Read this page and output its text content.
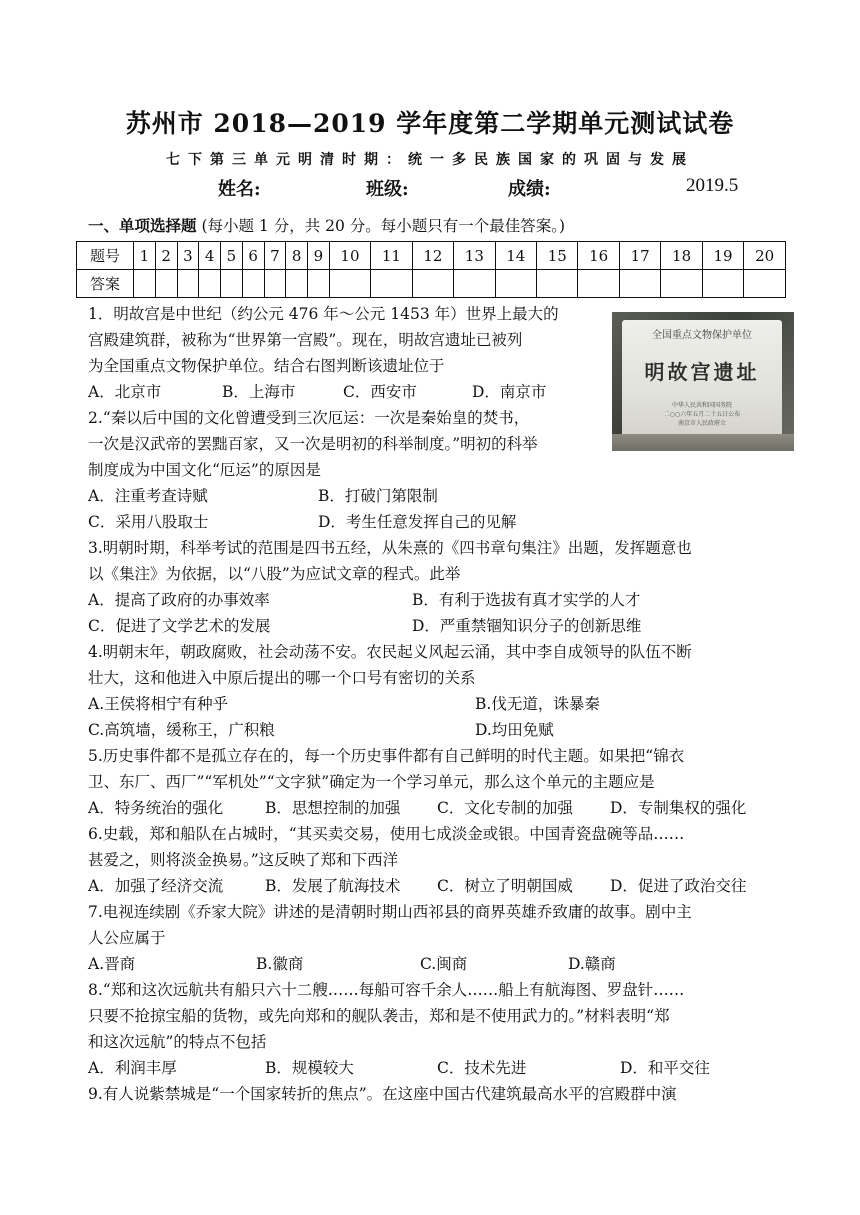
苏州市 2018—2019 学年度第二学期单元测试试卷
七下第三单元明清时期：统一多民族国家的巩固与发展
姓名:	班级:	成绩:	2019.5
一、单项选择题 (每小题 1 分，共 20 分。每小题只有一个最佳答案。)
题号	1	2	3	4	5	6	7	8	9	10	11	12	13	14	15	16	17	18	19	20
答案																				
全国重点文物保护单位
明故宫遗址
中华人民共和国国务院
二○○六年五月二十五日公布
南京市人民政府立
1．明故宫是中世纪（约公元 476 年～公元 1453 年）世界上最大的
宫殿建筑群，被称为“世界第一宫殿”。现在，明故宫遗址已被列
为全国重点文物保护单位。结合右图判断该遗址位于
A．北京市	B．上海市	C．西安市	D．南京市
2.“秦以后中国的文化曾遭受到三次厄运：一次是秦始皇的焚书，
一次是汉武帝的罢黜百家，又一次是明初的科举制度。”明初的科举
制度成为中国文化“厄运”的原因是
A．注重考查诗赋	B．打破门第限制
C．采用八股取士	D．考生任意发挥自己的见解
3.明朝时期，科举考试的范围是四书五经，从朱熹的《四书章句集注》出题，发挥题意也
以《集注》为依据，以“八股”为应试文章的程式。此举
A．提高了政府的办事效率	B．有利于选拔有真才实学的人才
C．促进了文学艺术的发展	D．严重禁锢知识分子的创新思维
4.明朝末年，朝政腐败，社会动荡不安。农民起义风起云涌，其中李自成领导的队伍不断
壮大，这和他进入中原后提出的哪一个口号有密切的关系
A.王侯将相宁有种乎	B.伐无道，诛暴秦
C.高筑墙，缓称王，广积粮	D.均田免赋
5.历史事件都不是孤立存在的，每一个历史事件都有自己鲜明的时代主题。如果把“锦衣
卫、东厂、西厂”“军机处”“文字狱”确定为一个学习单元，那么这个单元的主题应是
A．特务统治的强化	B．思想控制的加强 C．文化专制的加强 D．专制集权的强化
6.史载，郑和船队在占城时，“其买卖交易，使用七成淡金或银。中国青瓷盘碗等品……
甚爱之，则将淡金换易。”这反映了郑和下西洋
A．加强了经济交流	B．发展了航海技术 C．树立了明朝国威 D．促进了政治交往
7.电视连续剧《乔家大院》讲述的是清朝时期山西祁县的商界英雄乔致庸的故事。剧中主
人公应属于
A.晋商	B.徽商	C.闽商	D.赣商
8.“郑和这次远航共有船只六十二艘……每船可容千余人……船上有航海图、罗盘针……
只要不抢掠宝船的货物，或先向郑和的舰队袭击，郑和是不使用武力的。”材料表明“郑
和这次远航”的特点不包括
A．利润丰厚	B．规模较大	C．技术先进	D．和平交往
9.有人说紫禁城是“一个国家转折的焦点”。在这座中国古代建筑最高水平的宫殿群中演
